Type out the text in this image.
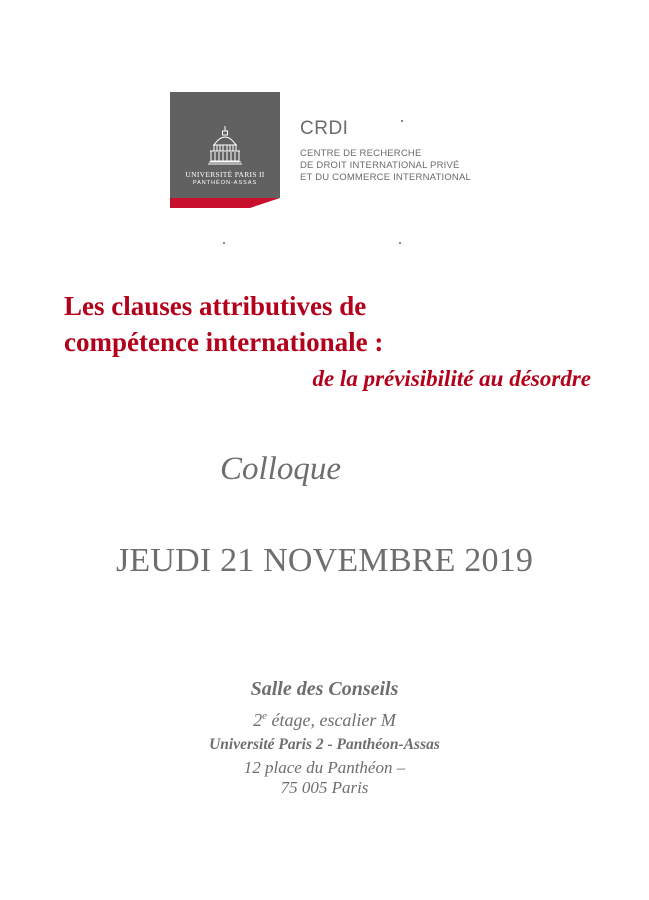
UNIVERSITÉ PARIS II
PANTHÉON-ASSAS
CRDI
CENTRE DE RECHERCHE
DE DROIT INTERNATIONAL PRIVÉ
ET DU COMMERCE INTERNATIONAL
Les clauses attributives de
compétence internationale :
de la prévisibilité au désordre
Colloque
JEUDI 21 NOVEMBRE 2019
Salle des Conseils
2e étage, escalier M
Université Paris 2 - Panthéon-Assas
12 place du Panthéon –
75 005 Paris
